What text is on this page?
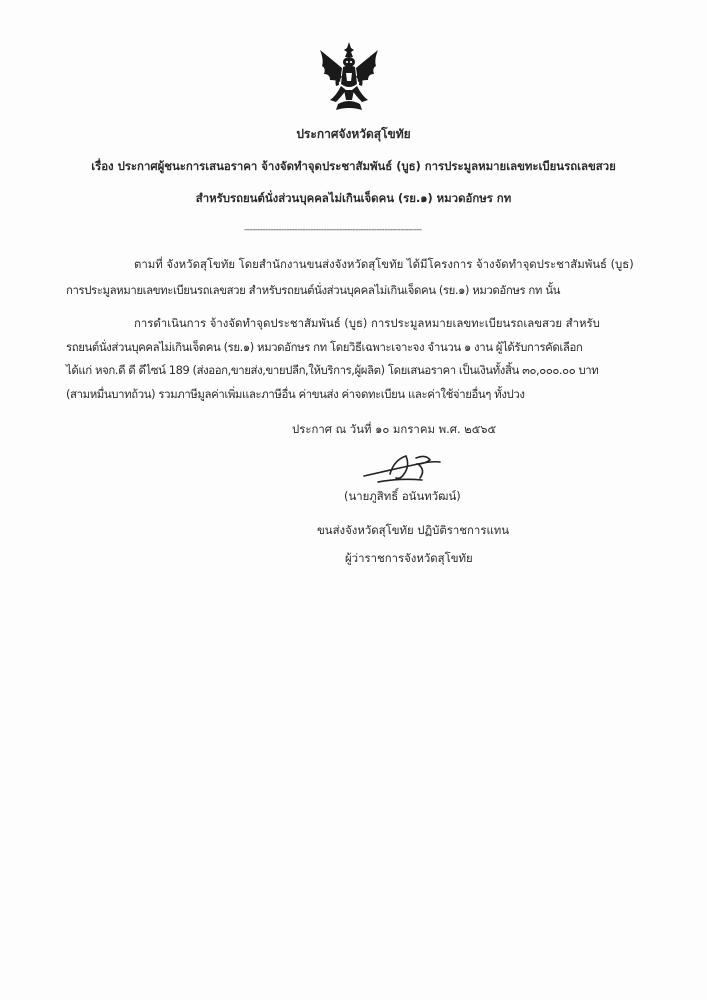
ประกาศจังหวัดสุโขทัย
เรื่อง ประกาศผู้ชนะการเสนอราคา จ้างจัดทำจุดประชาสัมพันธ์ (บูธ) การประมูลหมายเลขทะเบียนรถเลขสวย
สำหรับรถยนต์นั่งส่วนบุคคลไม่เกินเจ็ดคน (รย.๑) หมวดอักษร กท
-------------------------------------------------------------------
ตามที่ จังหวัดสุโขทัย โดยสำนักงานขนส่งจังหวัดสุโขทัย ได้มีโครงการ จ้างจัดทำจุดประชาสัมพันธ์ (บูธ)
การประมูลหมายเลขทะเบียนรถเลขสวย สำหรับรถยนต์นั่งส่วนบุคคลไม่เกินเจ็ดคน (รย.๑) หมวดอักษร กท นั้น
การดำเนินการ จ้างจัดทำจุดประชาสัมพันธ์ (บูธ) การประมูลหมายเลขทะเบียนรถเลขสวย สำหรับ
รถยนต์นั่งส่วนบุคคลไม่เกินเจ็ดคน (รย.๑) หมวดอักษร กท โดยวิธีเฉพาะเจาะจง จำนวน ๑ งาน ผู้ได้รับการคัดเลือก
ได้แก่ หจก.ดี ดี ดีไซน์ 189 (ส่งออก,ขายส่ง,ขายปลีก,ให้บริการ,ผู้ผลิต) โดยเสนอราคา เป็นเงินทั้งสิ้น ๓๐,๐๐๐.๐๐ บาท
(สามหมื่นบาทถ้วน) รวมภาษีมูลค่าเพิ่มและภาษีอื่น ค่าขนส่ง ค่าจดทะเบียน และค่าใช้จ่ายอื่นๆ ทั้งปวง
ประกาศ ณ วันที่ ๑๐ มกราคม พ.ศ. ๒๕๖๕
(นายภูสิทธิ์ อนันทวัฒน์)
ขนส่งจังหวัดสุโขทัย ปฏิบัติราชการแทน
ผู้ว่าราชการจังหวัดสุโขทัย
